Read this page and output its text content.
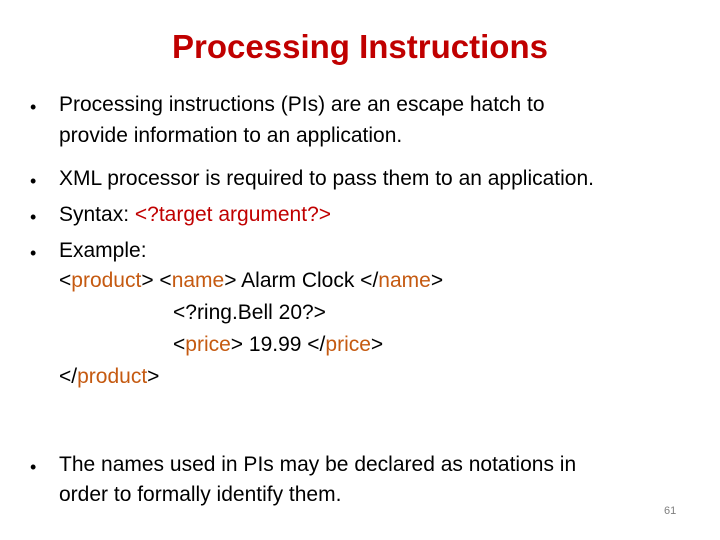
Processing Instructions
•	Processing instructions (PIs) are an escape hatch to
provide information to an application.
•	XML processor is required to pass them to an application.
•	Syntax: <?target argument?>
•	Example:
<product> <name> Alarm Clock </name>
<?ring.Bell 20?>
<price> 19.99 </price>
</product>
•	The names used in PIs may be declared as notations in
order to formally identify them.
61
